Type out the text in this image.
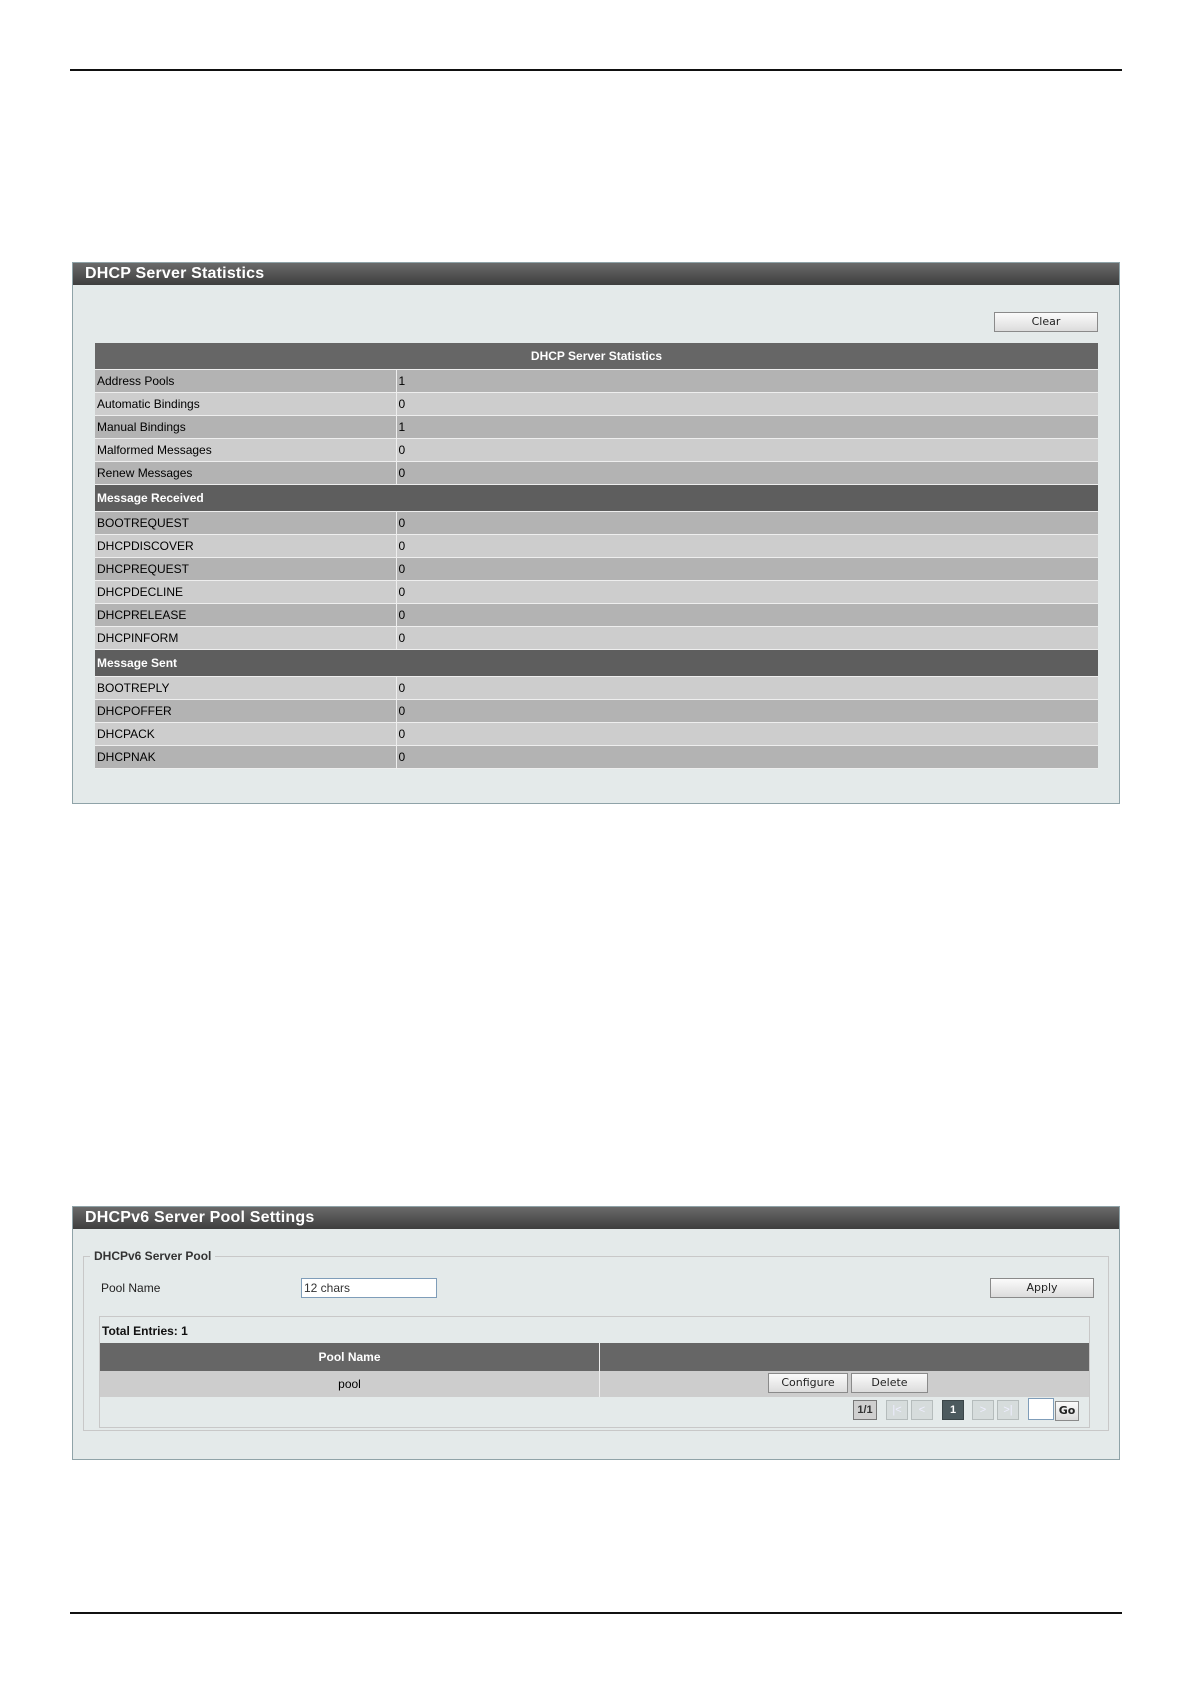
DHCP Server Statistics
Clear
DHCP Server Statistics	
Address Pools	1
Automatic Bindings	0
Manual Bindings	1
Malformed Messages	0
Renew Messages	0
Message Received	
BOOTREQUEST	0
DHCPDISCOVER	0
DHCPREQUEST	0
DHCPDECLINE	0
DHCPRELEASE	0
DHCPINFORM	0
Message Sent	
BOOTREPLY	0
DHCPOFFER	0
DHCPACK	0
DHCPNAK	0
DHCPv6 Server Pool Settings
DHCPv6 Server Pool
Pool Name	12 chars	Apply
Total Entries: 1
Pool Name	
pool	Configure Delete
1/1	|<	<	1	>	>|	Go
